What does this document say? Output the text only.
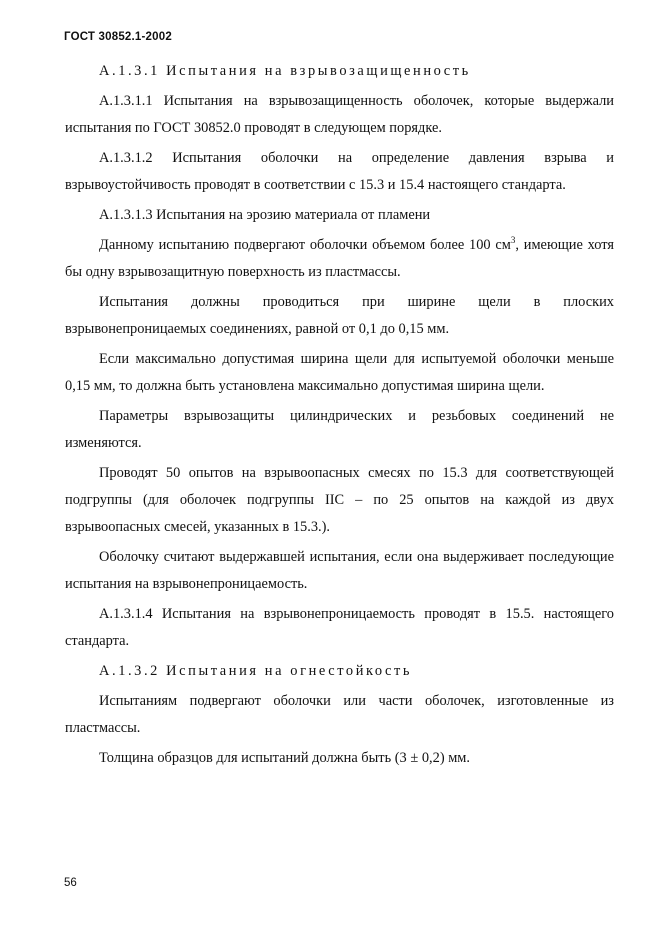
ГОСТ 30852.1-2002

А.1.3.1 Испытания на взрывозащищенность

А.1.3.1.1 Испытания на взрывозащищенность оболочек, которые выдержали испытания по ГОСТ 30852.0 проводят в следующем порядке.

А.1.3.1.2 Испытания оболочки на определение давления взрыва и взрывоустойчивость проводят в соответствии с 15.3 и 15.4 настоящего стандарта.

А.1.3.1.3 Испытания на эрозию материала от пламени

Данному испытанию подвергают оболочки объемом более 100 $см^3$, имеющие хотя бы одну взрывозащитную поверхность из пластмассы.

Испытания должны проводиться при ширине щели в плоских взрывонепроницаемых соединениях, равной от 0,1 до 0,15 мм.

Если максимально допустимая ширина щели для испытуемой оболочки меньше 0,15 мм, то должна быть установлена максимально допустимая ширина щели.

Параметры взрывозащиты цилиндрических и резьбовых соединений не изменяются.

Проводят 50 опытов на взрывоопасных смесях по 15.3 для соответствующей подгруппы (для оболочек подгруппы IIC – по 25 опытов на каждой из двух взрывоопасных смесей, указанных в 15.3.).

Оболочку считают выдержавшей испытания, если она выдерживает последующие испытания на взрывонепроницаемость.

А.1.3.1.4 Испытания на взрывонепроницаемость проводят в 15.5. настоящего стандарта.

А.1.3.2 Испытания на огнестойкость

Испытаниям подвергают оболочки или части оболочек, изготовленные из пластмассы.

Толщина образцов для испытаний должна быть (3 ± 0,2) мм.

56
